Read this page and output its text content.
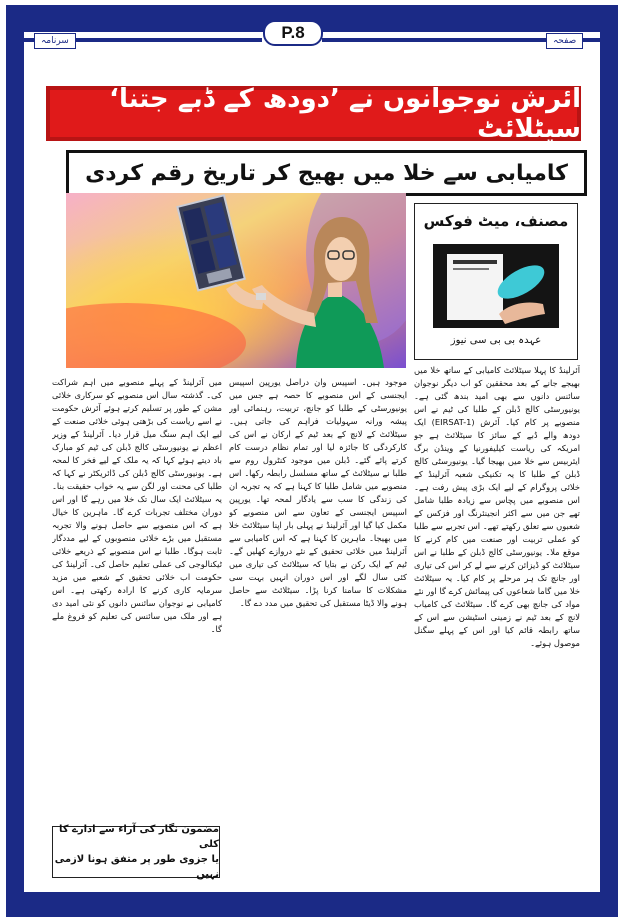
سرنامہ	صفحہ
P.8
آئرش نوجوانوں نے ’دودھ کے ڈبے جتنا‘ سیٹلائٹ
کامیابی سے خلا میں بھیج کر تاریخ رقم کردی
مصنف، میٹ فوکس
عہدہ بی بی سی نیوز

آئرلینڈ کا پہلا سیٹلائٹ کامیابی کے ساتھ خلا میں بھیجے جانے کے بعد محققین کو اب دیگر نوجوان سائنس دانوں سے بھی امید بندھ گئی ہے۔ یونیورسٹی کالج ڈبلن کے طلبا کی ٹیم نے اس منصوبے پر کام کیا۔ آئرش (EIRSAT-1) ایک دودھ والے ڈبے کے سائز کا سیٹلائٹ ہے جو امریکہ کی ریاست کیلیفورنیا کے وینڈن برگ ایئربیس سے خلا میں بھیجا گیا۔ یونیورسٹی کالج ڈبلن کے طلبا کا یہ تکنیکی شعبہ آئرلینڈ کے خلائی پروگرام کے لیے ایک بڑی پیش رفت ہے۔ اس منصوبے میں پچاس سے زیادہ طلبا شامل تھے جن میں سے اکثر انجینئرنگ اور فزکس کے شعبوں سے تعلق رکھتے تھے۔ اس تجربے سے طلبا کو عملی تربیت اور صنعت میں کام کرنے کا موقع ملا۔ یونیورسٹی کالج ڈبلن کے طلبا نے اس سیٹلائٹ کو ڈیزائن کرنے سے لے کر اس کی تیاری اور جانچ تک ہر مرحلے پر کام کیا۔ یہ سیٹلائٹ خلا میں گاما شعاعوں کی پیمائش کرے گا اور نئے مواد کی جانچ بھی کرے گا۔ سیٹلائٹ کی کامیاب لانچ کے بعد ٹیم نے زمینی اسٹیشن سے اس کے ساتھ رابطہ قائم کیا اور اس کے پہلے سگنل موصول ہوئے۔

موجود ہیں۔ اسپیس وان دراصل یورپین اسپیس ایجنسی کے اس منصوبے کا حصہ ہے جس میں یونیورسٹی کے طلبا کو جانچ، تربیت، رہنمائی اور پیشہ ورانہ سہولیات فراہم کی جاتی ہیں۔ سیٹلائٹ کے لانچ کے بعد ٹیم کے ارکان نے اس کی کارکردگی کا جائزہ لیا اور تمام نظام درست کام کرتے پائے گئے۔ ڈبلن میں موجود کنٹرول روم سے طلبا نے سیٹلائٹ کے ساتھ مسلسل رابطہ رکھا۔ اس منصوبے میں شامل طلبا کا کہنا ہے کہ یہ تجربہ ان کی زندگی کا سب سے یادگار لمحہ تھا۔ یورپین اسپیس ایجنسی کے تعاون سے اس منصوبے کو مکمل کیا گیا اور آئرلینڈ نے پہلی بار اپنا سیٹلائٹ خلا میں بھیجا۔ ماہرین کا کہنا ہے کہ اس کامیابی سے آئرلینڈ میں خلائی تحقیق کے نئے دروازے کھلیں گے۔ ٹیم کے ایک رکن نے بتایا کہ سیٹلائٹ کی تیاری میں کئی سال لگے اور اس دوران انہیں بہت سی مشکلات کا سامنا کرنا پڑا۔ سیٹلائٹ سے حاصل ہونے والا ڈیٹا مستقبل کی تحقیق میں مدد دے گا۔

میں آئرلینڈ کے پہلے منصوبے میں اہم شراکت کی۔ گذشتہ سال اس منصوبے کو سرکاری خلائی مشن کے طور پر تسلیم کرتے ہوئے آئرش حکومت نے اسے ریاست کی بڑھتی ہوئی خلائی صنعت کے لیے ایک اہم سنگ میل قرار دیا۔ آئرلینڈ کے وزیر اعظم نے یونیورسٹی کالج ڈبلن کی ٹیم کو مبارک باد دیتے ہوئے کہا کہ یہ ملک کے لیے فخر کا لمحہ ہے۔ یونیورسٹی کالج ڈبلن کی ڈائریکٹر نے کہا کہ طلبا کی محنت اور لگن سے یہ خواب حقیقت بنا۔ یہ سیٹلائٹ ایک سال تک خلا میں رہے گا اور اس دوران مختلف تجربات کرے گا۔ ماہرین کا خیال ہے کہ اس منصوبے سے حاصل ہونے والا تجربہ مستقبل میں بڑے خلائی منصوبوں کے لیے مددگار ثابت ہوگا۔ طلبا نے اس منصوبے کے ذریعے خلائی ٹیکنالوجی کی عملی تعلیم حاصل کی۔ آئرلینڈ کی حکومت اب خلائی تحقیق کے شعبے میں مزید سرمایہ کاری کرنے کا ارادہ رکھتی ہے۔ اس کامیابی نے نوجوان سائنس دانوں کو نئی امید دی ہے اور ملک میں سائنس کی تعلیم کو فروغ ملے گا۔

مضمون نگار کی آراء سے ادارے کا کلی
یا جزوی طور پر متفق ہونا لازمی نہیں
